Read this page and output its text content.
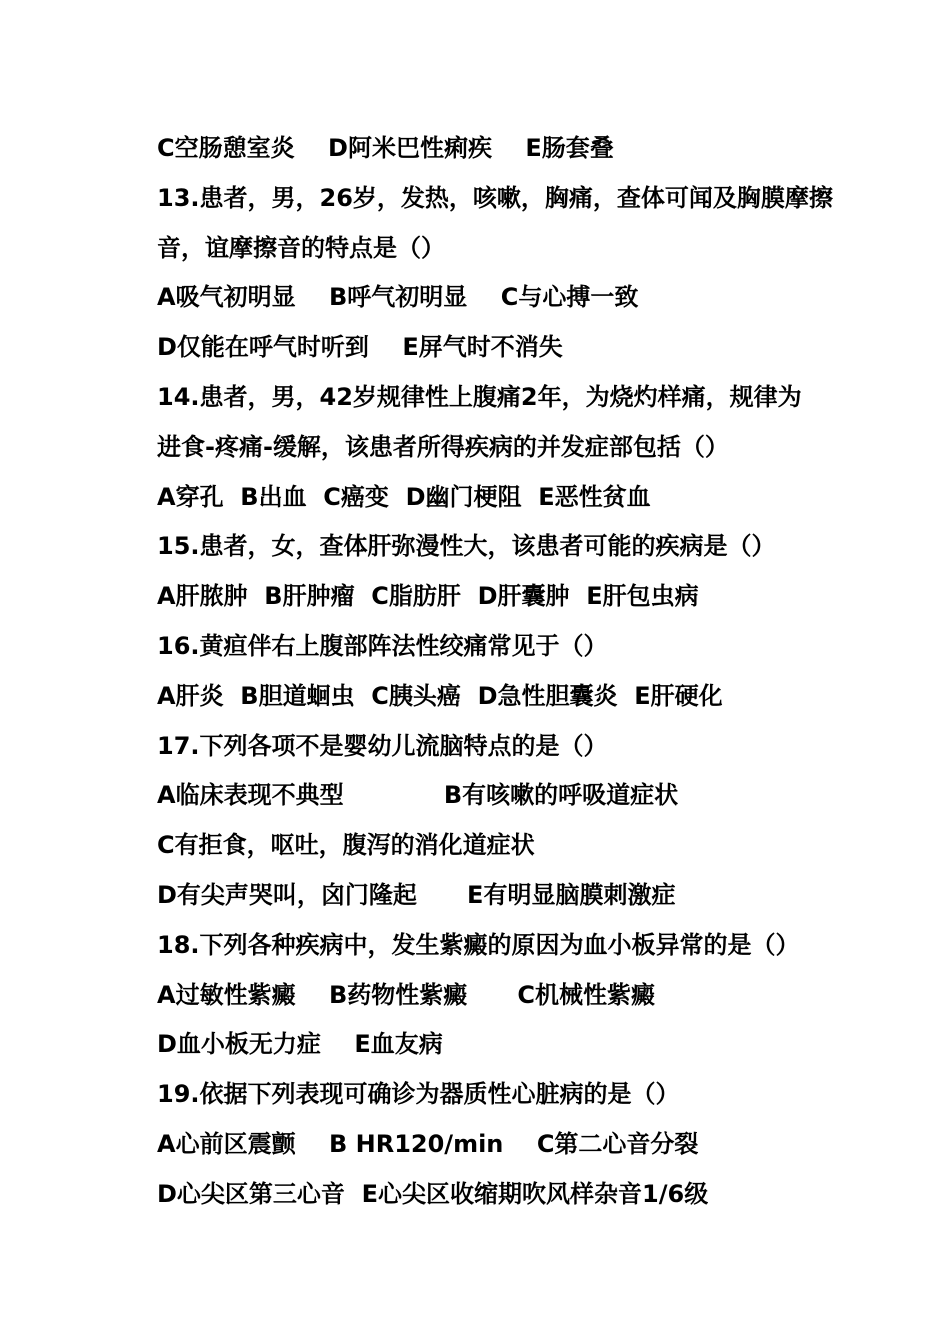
C空肠憩室炎    D阿米巴性痢疾    E肠套叠
13.患者，男，26岁，发热，咳嗽，胸痛，查体可闻及胸膜摩擦
音，谊摩擦音的特点是（）
A吸气初明显    B呼气初明显    C与心搏一致
D仅能在呼气时听到    E屏气时不消失
14.患者，男，42岁规律性上腹痛2年，为烧灼样痛，规律为
进食-疼痛-缓解，该患者所得疾病的并发症部包括（）
A穿孔  B出血  C癌变  D幽门梗阻  E恶性贫血
15.患者，女，查体肝弥漫性大，该患者可能的疾病是（）
A肝脓肿  B肝肿瘤  C脂肪肝  D肝囊肿  E肝包虫病
16.黄疸伴右上腹部阵法性绞痛常见于（）
A肝炎  B胆道蛔虫  C胰头癌  D急性胆囊炎  E肝硬化
17.下列各项不是婴幼儿流脑特点的是（）
A临床表现不典型            B有咳嗽的呼吸道症状
C有拒食，呕吐，腹泻的消化道症状
D有尖声哭叫，囟门隆起      E有明显脑膜刺激症
18.下列各种疾病中，发生紫癜的原因为血小板异常的是（）
A过敏性紫癜    B药物性紫癜      C机械性紫癜
D血小板无力症    E血友病
19.依据下列表现可确诊为器质性心脏病的是（）
A心前区震颤    B HR120/min    C第二心音分裂
D心尖区第三心音  E心尖区收缩期吹风样杂音1/6级
